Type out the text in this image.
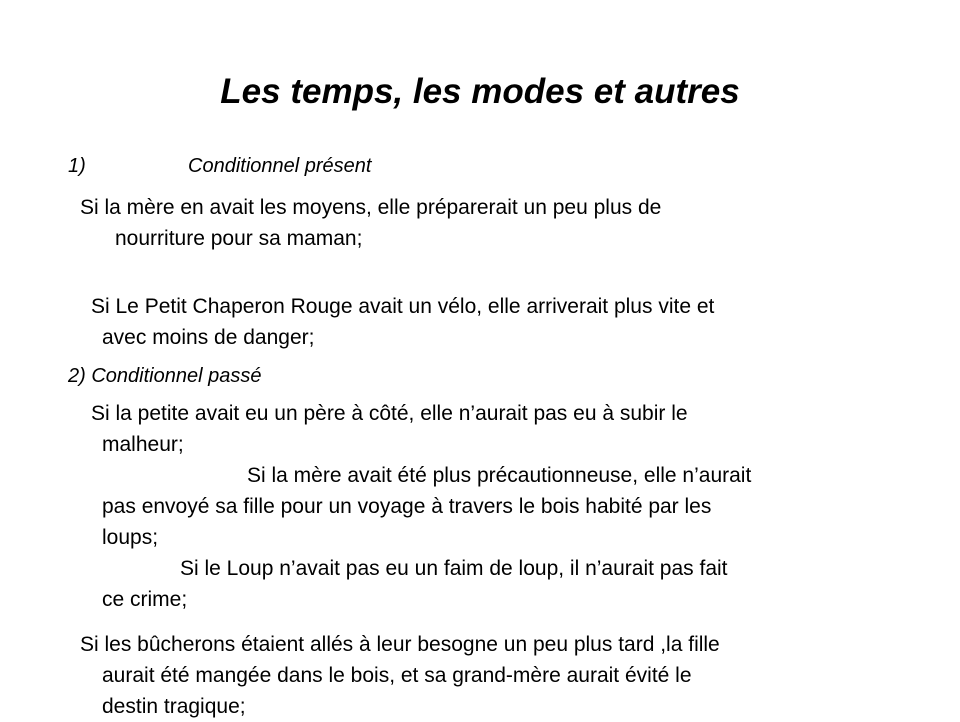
Les temps, les modes et autres
1)	Conditionnel présent
Si la mère en avait les moyens, elle préparerait un peu plus de
nourriture pour sa maman;
Si Le Petit Chaperon Rouge avait un vélo, elle arriverait plus vite et
avec moins de danger;
2) Conditionnel passé
Si la petite avait eu un père à côté, elle n’aurait pas eu à subir le
malheur;
Si la mère avait été plus précautionneuse, elle n’aurait
pas envoyé sa fille pour un voyage à travers le bois habité par les
loups;
Si le Loup n’avait pas eu un faim de loup, il n’aurait pas fait
ce crime;
Si les bûcherons étaient allés à leur besogne un peu plus tard ,la fille
aurait été mangée dans le bois, et sa grand-mère aurait évité le
destin tragique;
